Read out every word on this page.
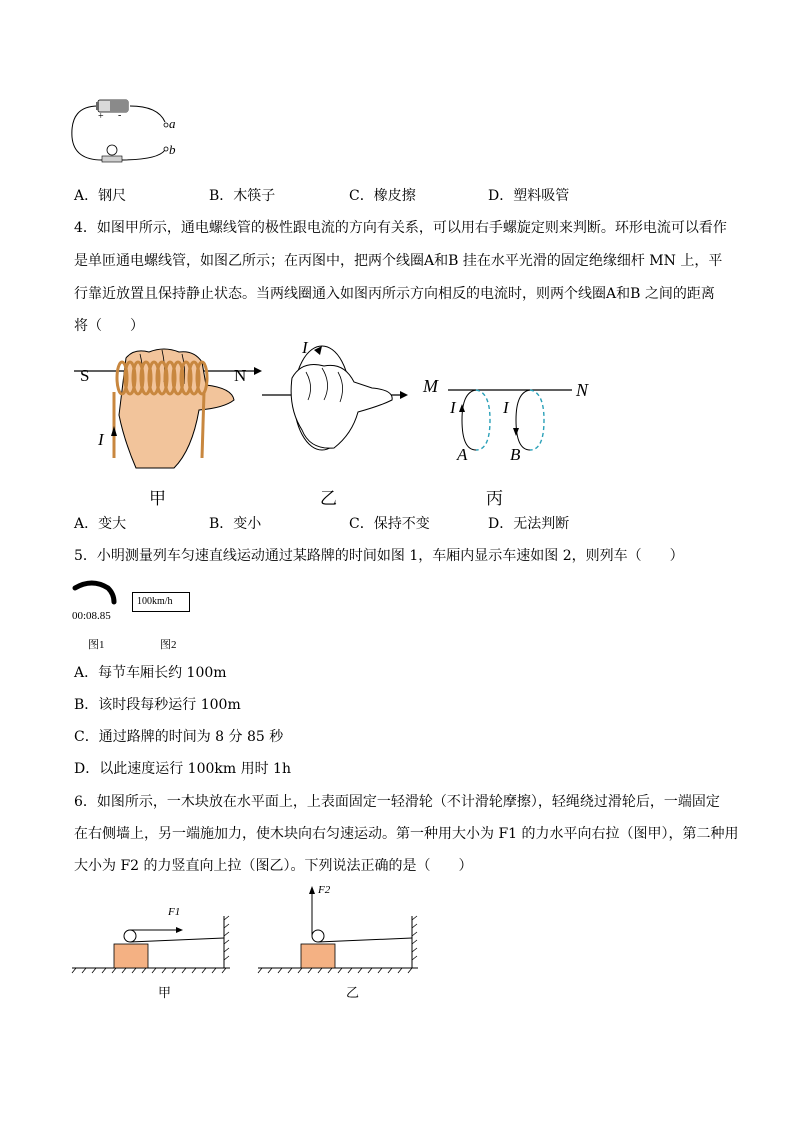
+ -
a
b
A．钢尺	B．木筷子	C．橡皮擦	D．塑料吸管
4．如图甲所示，通电螺线管的极性跟电流的方向有关系，可以用右手螺旋定则来判断。环形电流可以看作
是单匝通电螺线管，如图乙所示；在丙图中，把两个线圈A和B 挂在水平光滑的固定绝缘细杆 MN 上，平
行靠近放置且保持静止状态。当两线圈通入如图丙所示方向相反的电流时，则两个线圈A和B 之间的距离
将（　　）
S	N
I
I
M	N
I	I
A	B
甲	乙	丙
A．变大	B．变小	C．保持不变	D．无法判断
5．小明测量列车匀速直线运动通过某路牌的时间如图 1，车厢内显示车速如图 2，则列车（　　）
00:08.85
100km/h
图1	图2
A．每节车厢长约 100m
B．该时段每秒运行 100m
C．通过路牌的时间为 8 分 85 秒
D．以此速度运行 100km 用时 1h
6．如图所示，一木块放在水平面上，上表面固定一轻滑轮（不计滑轮摩擦），轻绳绕过滑轮后，一端固定
在右侧墙上，另一端施加力，使木块向右匀速运动。第一种用大小为 F1 的力水平向右拉（图甲），第二种用
大小为 F2 的力竖直向上拉（图乙）。下列说法正确的是（　　）
F1
F2
甲	乙
